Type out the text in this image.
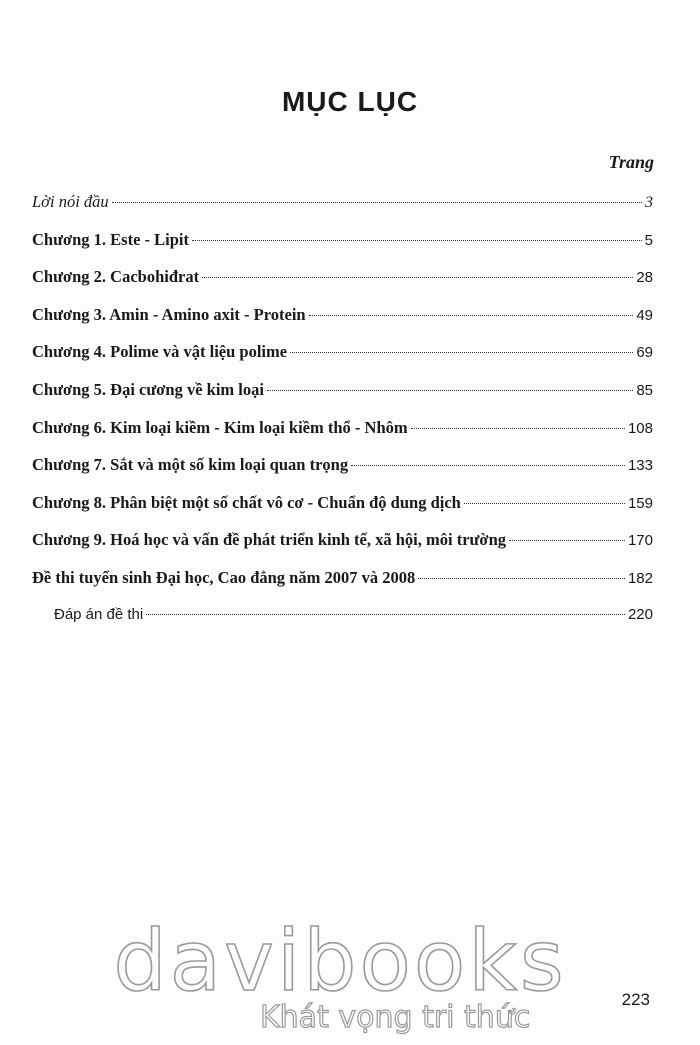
MỤC LỤC
Trang
Lời nói đầu	3
Chương 1. Este - Lipit	5
Chương 2. Cacbohiđrat	28
Chương 3. Amin - Amino axit - Protein	49
Chương 4. Polime và vật liệu polime	69
Chương 5. Đại cương về kim loại	85
Chương 6. Kim loại kiềm - Kim loại kiềm thổ - Nhôm	108
Chương 7. Sắt và một số kim loại quan trọng	133
Chương 8. Phân biệt một số chất vô cơ - Chuẩn độ dung dịch	159
Chương 9. Hoá học và vấn đề phát triển kinh tế, xã hội, môi trường	170
Đề thi tuyển sinh Đại học, Cao đẳng năm 2007 và 2008	182
Đáp án đề thi	220
davibooks
Khát vọng tri thức
223
